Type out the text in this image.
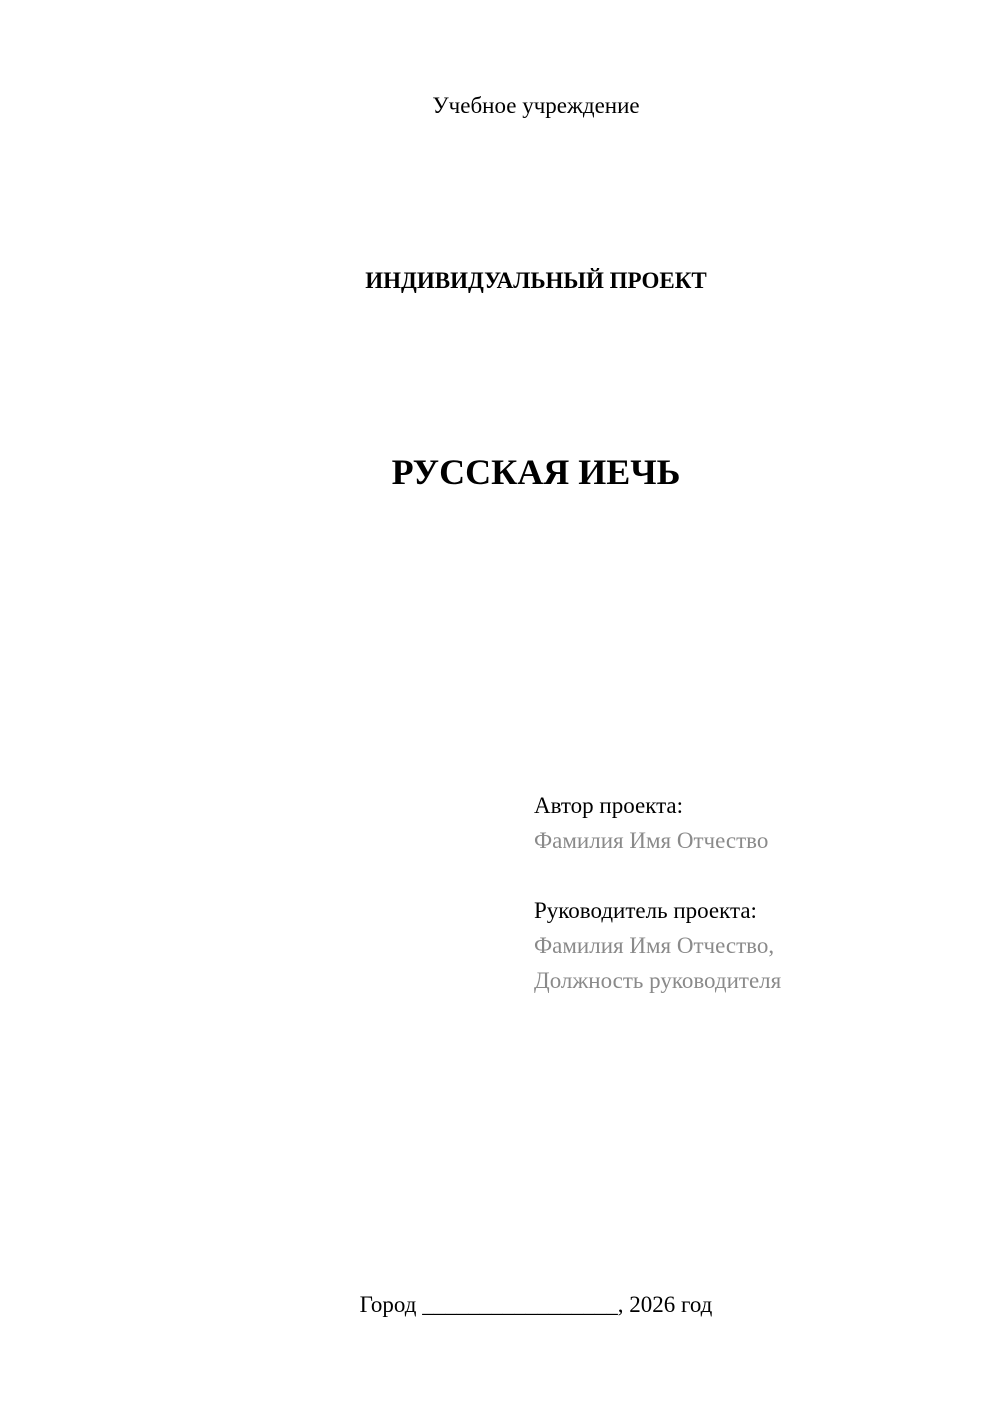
Учебное учреждение
ИНДИВИДУАЛЬНЫЙ ПРОЕКТ
РУССКАЯ ИЕЧЬ
Автор проекта:
Фамилия Имя Отчество
Руководитель проекта:
Фамилия Имя Отчество,
Должность руководителя
Город _________________, 2026 год
